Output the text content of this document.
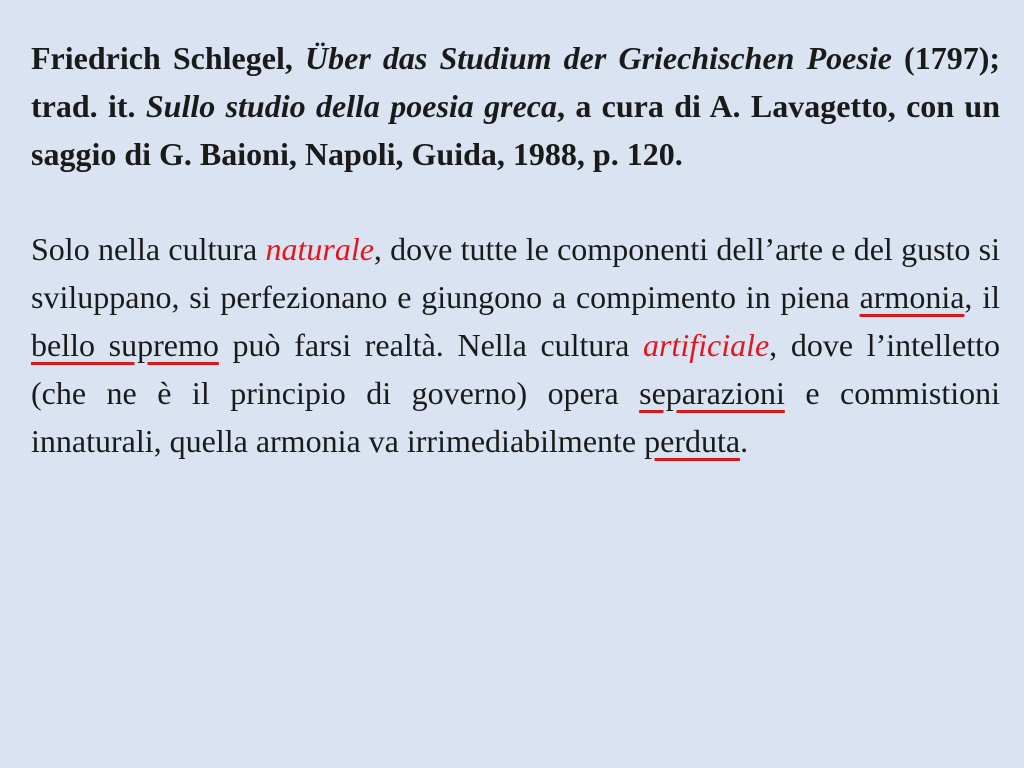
Friedrich Schlegel, Über das Studium der Griechischen Poesie (1797); trad. it. Sullo studio della poesia greca, a cura di A. Lavagetto, con un saggio di G. Baioni, Napoli, Guida, 1988, p. 120.

Solo nella cultura naturale, dove tutte le componenti dell’arte e del gusto si sviluppano, si perfezionano e giungono a compimento in piena armonia, il bello supremo può farsi realtà. Nella cultura artificiale, dove l’intelletto (che ne è il principio di governo) opera separazioni e commistioni innaturali, quella armonia va irrimediabilmente perduta.
